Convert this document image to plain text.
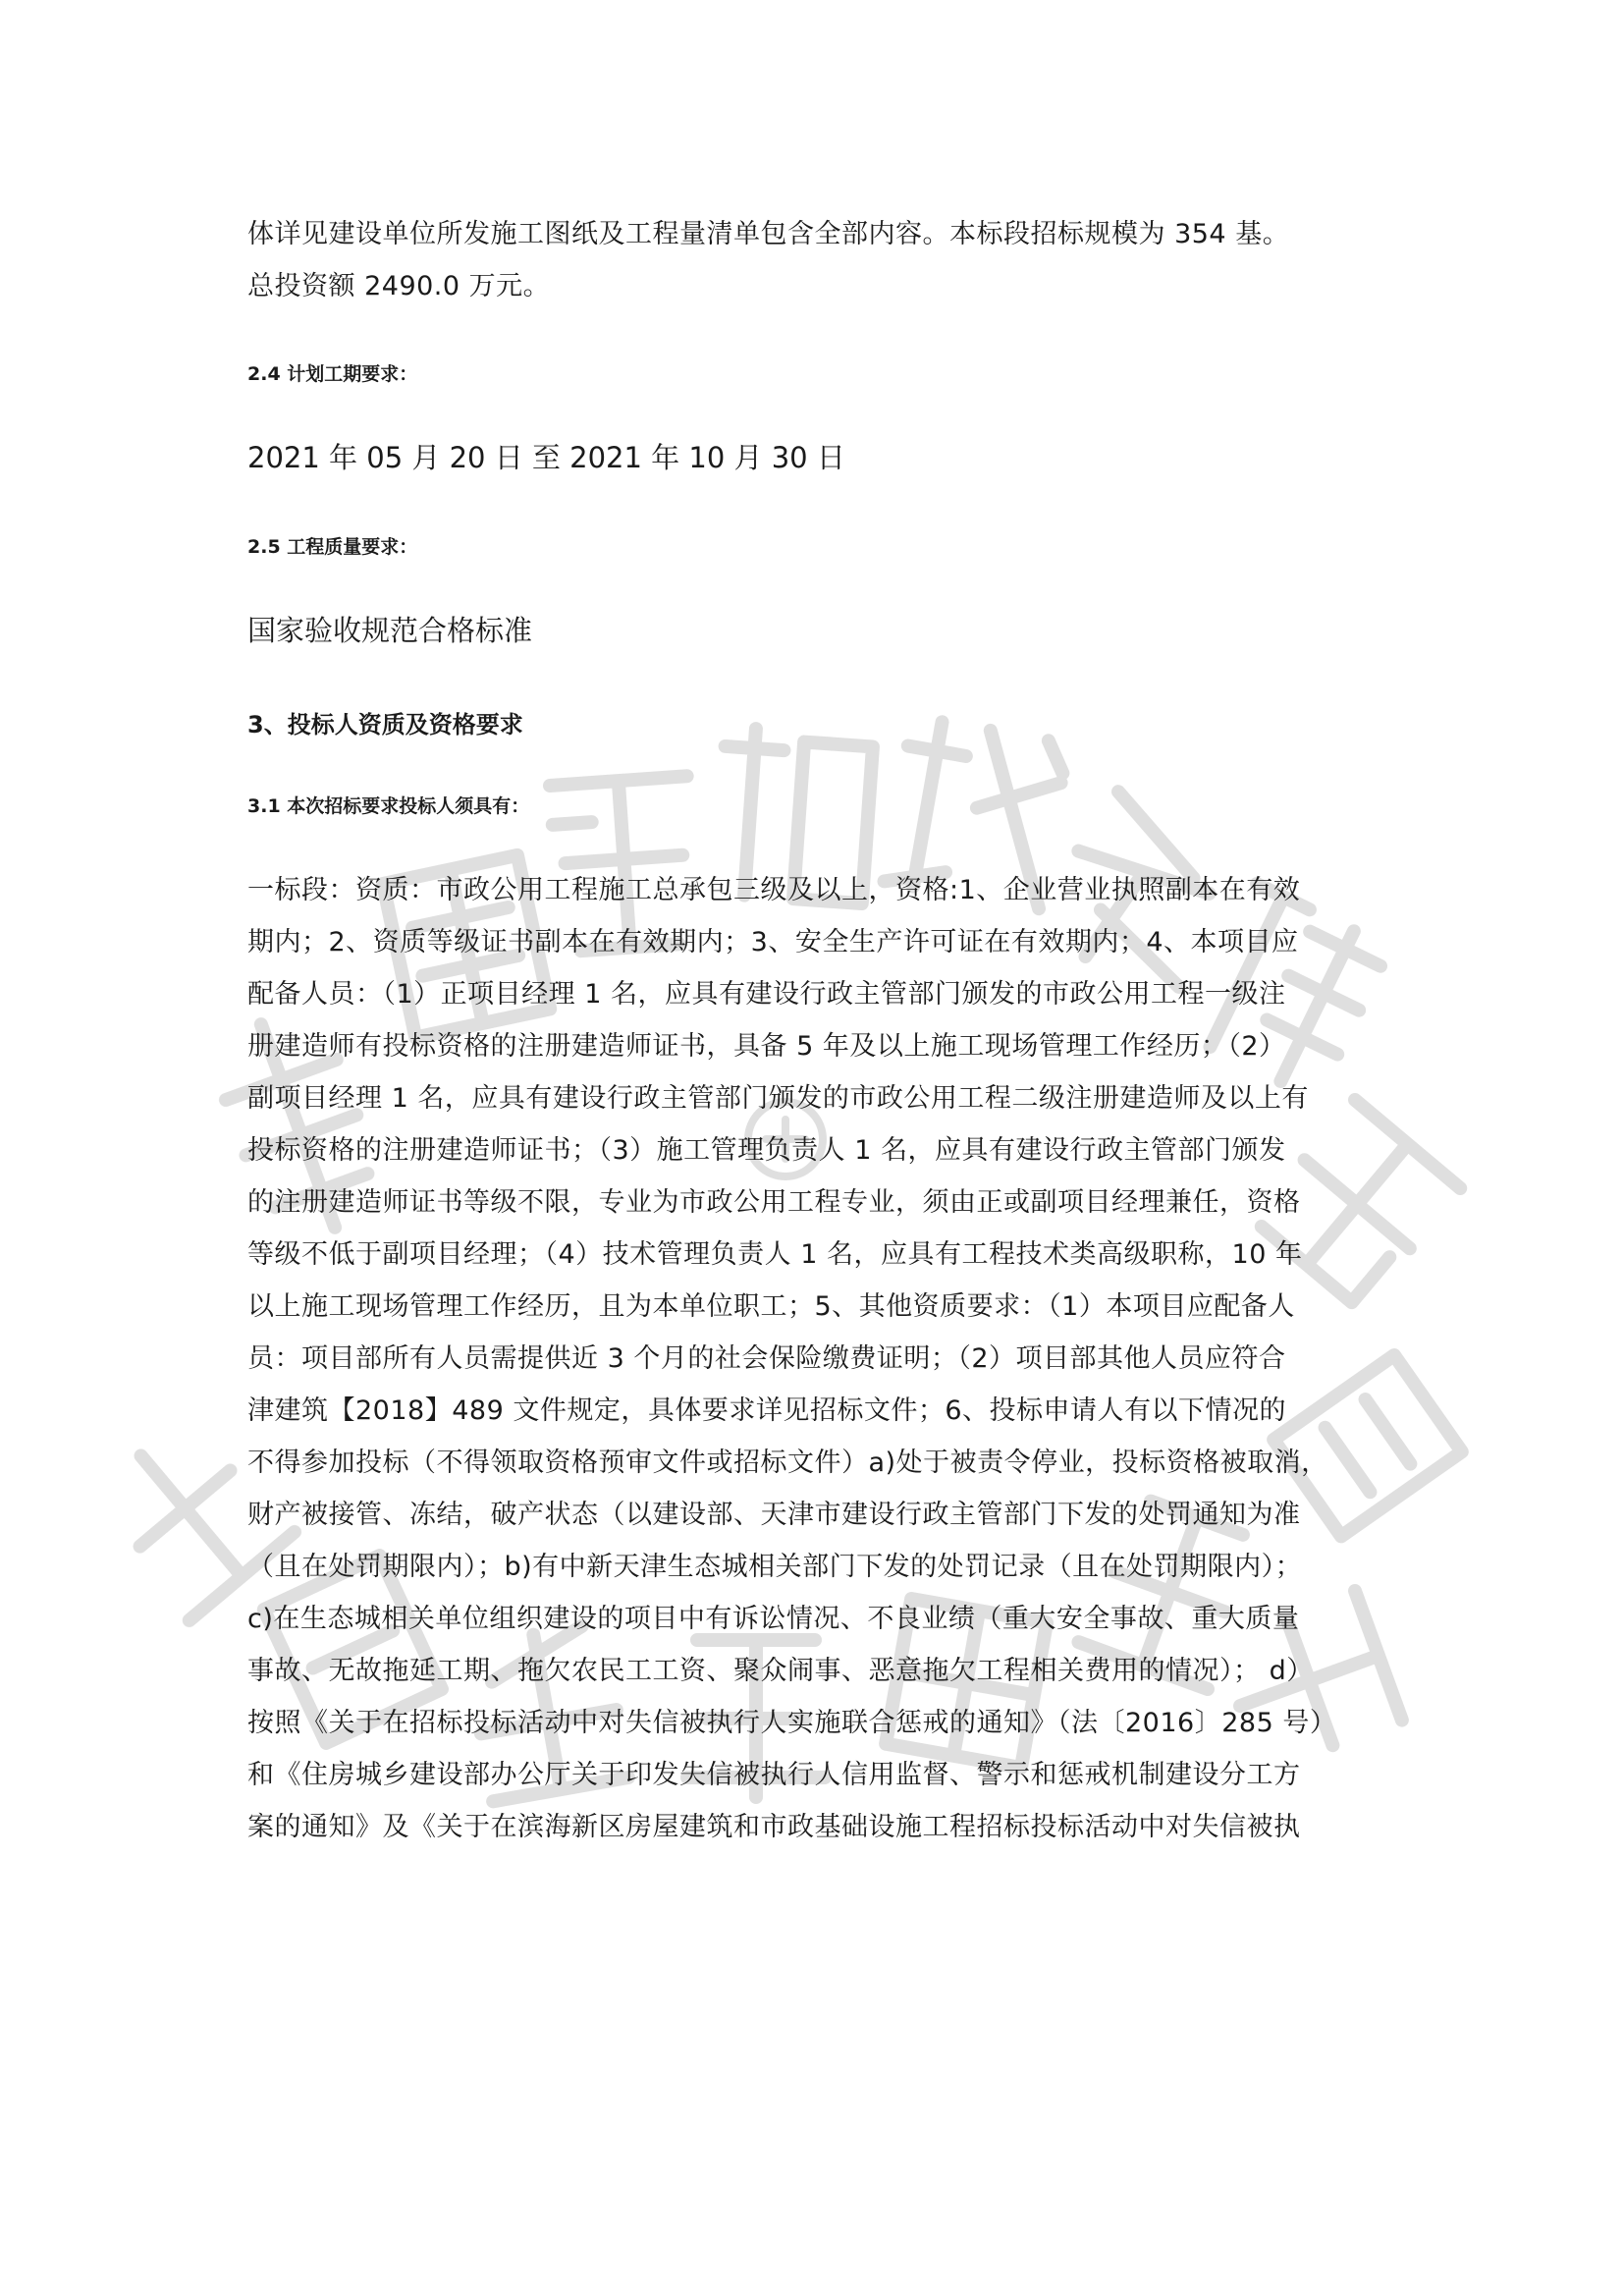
体详见建设单位所发施工图纸及工程量清单包含全部内容。本标段招标规模为 354 基。

总投资额 2490.0 万元。

2.4 计划工期要求：

2021 年 05 月 20 日 至 2021 年 10 月 30 日

2.5 工程质量要求：

国家验收规范合格标准

3、投标人资质及资格要求

3.1 本次招标要求投标人须具有：

一标段：资质：市政公用工程施工总承包三级及以上，资格:1、企业营业执照副本在有效

期内；2、资质等级证书副本在有效期内；3、安全生产许可证在有效期内；4、本项目应

配备人员：（1）正项目经理 1 名，应具有建设行政主管部门颁发的市政公用工程一级注

册建造师有投标资格的注册建造师证书，具备 5 年及以上施工现场管理工作经历；（2）

副项目经理 1 名，应具有建设行政主管部门颁发的市政公用工程二级注册建造师及以上有

投标资格的注册建造师证书；（3）施工管理负责人 1 名，应具有建设行政主管部门颁发

的注册建造师证书等级不限，专业为市政公用工程专业，须由正或副项目经理兼任，资格

等级不低于副项目经理；（4）技术管理负责人 1 名，应具有工程技术类高级职称，10 年

以上施工现场管理工作经历，且为本单位职工；5、其他资质要求：（1）本项目应配备人

员：项目部所有人员需提供近 3 个月的社会保险缴费证明；（2）项目部其他人员应符合

津建筑【2018】489 文件规定，具体要求详见招标文件；6、投标申请人有以下情况的

不得参加投标（不得领取资格预审文件或招标文件）a)处于被责令停业，投标资格被取消，

财产被接管、冻结，破产状态（以建设部、天津市建设行政主管部门下发的处罚通知为准

（且在处罚期限内）；b)有中新天津生态城相关部门下发的处罚记录（且在处罚期限内）；

c)在生态城相关单位组织建设的项目中有诉讼情况、不良业绩（重大安全事故、重大质量

事故、无故拖延工期、拖欠农民工工资、聚众闹事、恶意拖欠工程相关费用的情况）； d）

按照《关于在招标投标活动中对失信被执行人实施联合惩戒的通知》（法〔2016〕285 号）

和《住房城乡建设部办公厅关于印发失信被执行人信用监督、警示和惩戒机制建设分工方

案的通知》及《关于在滨海新区房屋建筑和市政基础设施工程招标投标活动中对失信被执
